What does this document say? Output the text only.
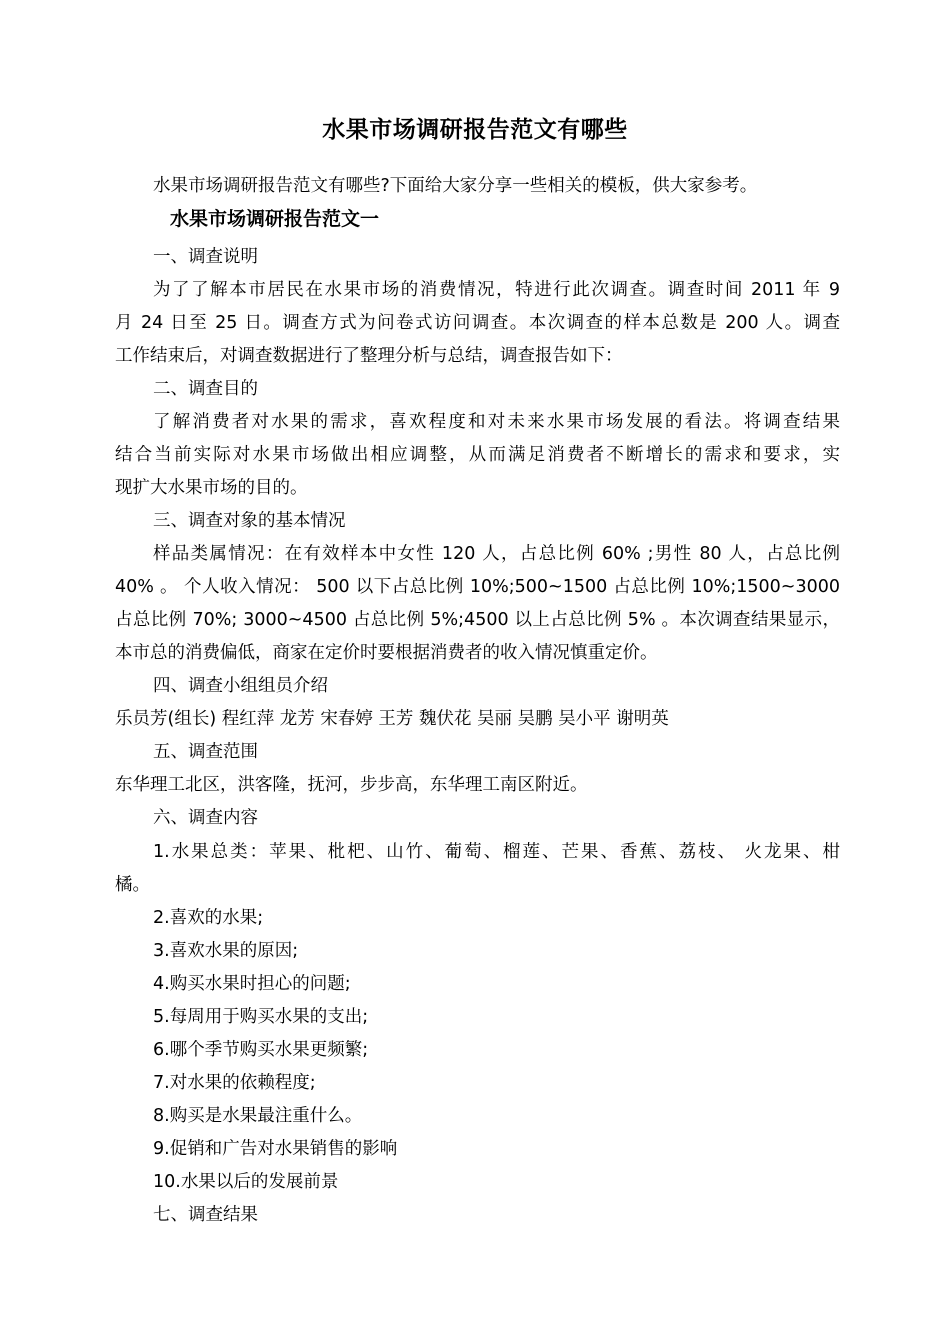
水果市场调研报告范文有哪些
水果市场调研报告范文有哪些?下面给大家分享一些相关的模板，供大家参考。
水果市场调研报告范文一
一、调查说明
为了了解本市居民在水果市场的消费情况，特进行此次调查。调查时间 2011 年 9
月 24 日至 25 日。调查方式为问卷式访问调查。本次调查的样本总数是 200 人。调查
工作结束后，对调查数据进行了整理分析与总结，调查报告如下：
二、调查目的
了解消费者对水果的需求，喜欢程度和对未来水果市场发展的看法。将调查结果
结合当前实际对水果市场做出相应调整，从而满足消费者不断增长的需求和要求，实
现扩大水果市场的目的。
三、调查对象的基本情况
样品类属情况：在有效样本中女性 120 人，占总比例 60% ;男性 80 人，占总比例
40% 。 个人收入情况： 500 以下占总比例 10%;500~1500 占总比例 10%;1500~3000
占总比例 70%; 3000~4500 占总比例 5%;4500 以上占总比例 5% 。本次调查结果显示，
本市总的消费偏低，商家在定价时要根据消费者的收入情况慎重定价。
四、调查小组组员介绍
乐员芳(组长) 程红萍 龙芳 宋春婷 王芳 魏伏花 吴丽 吴鹏 吴小平 谢明英
五、调查范围
东华理工北区，洪客隆，抚河，步步高，东华理工南区附近。
六、调查内容
1.水果总类：苹果、枇杷、山竹、葡萄、榴莲、芒果、香蕉、荔枝、 火龙果、柑
橘。
2.喜欢的水果;
3.喜欢水果的原因;
4.购买水果时担心的问题;
5.每周用于购买水果的支出;
6.哪个季节购买水果更频繁;
7.对水果的依赖程度;
8.购买是水果最注重什么。
9.促销和广告对水果销售的影响
10.水果以后的发展前景
七、调查结果
